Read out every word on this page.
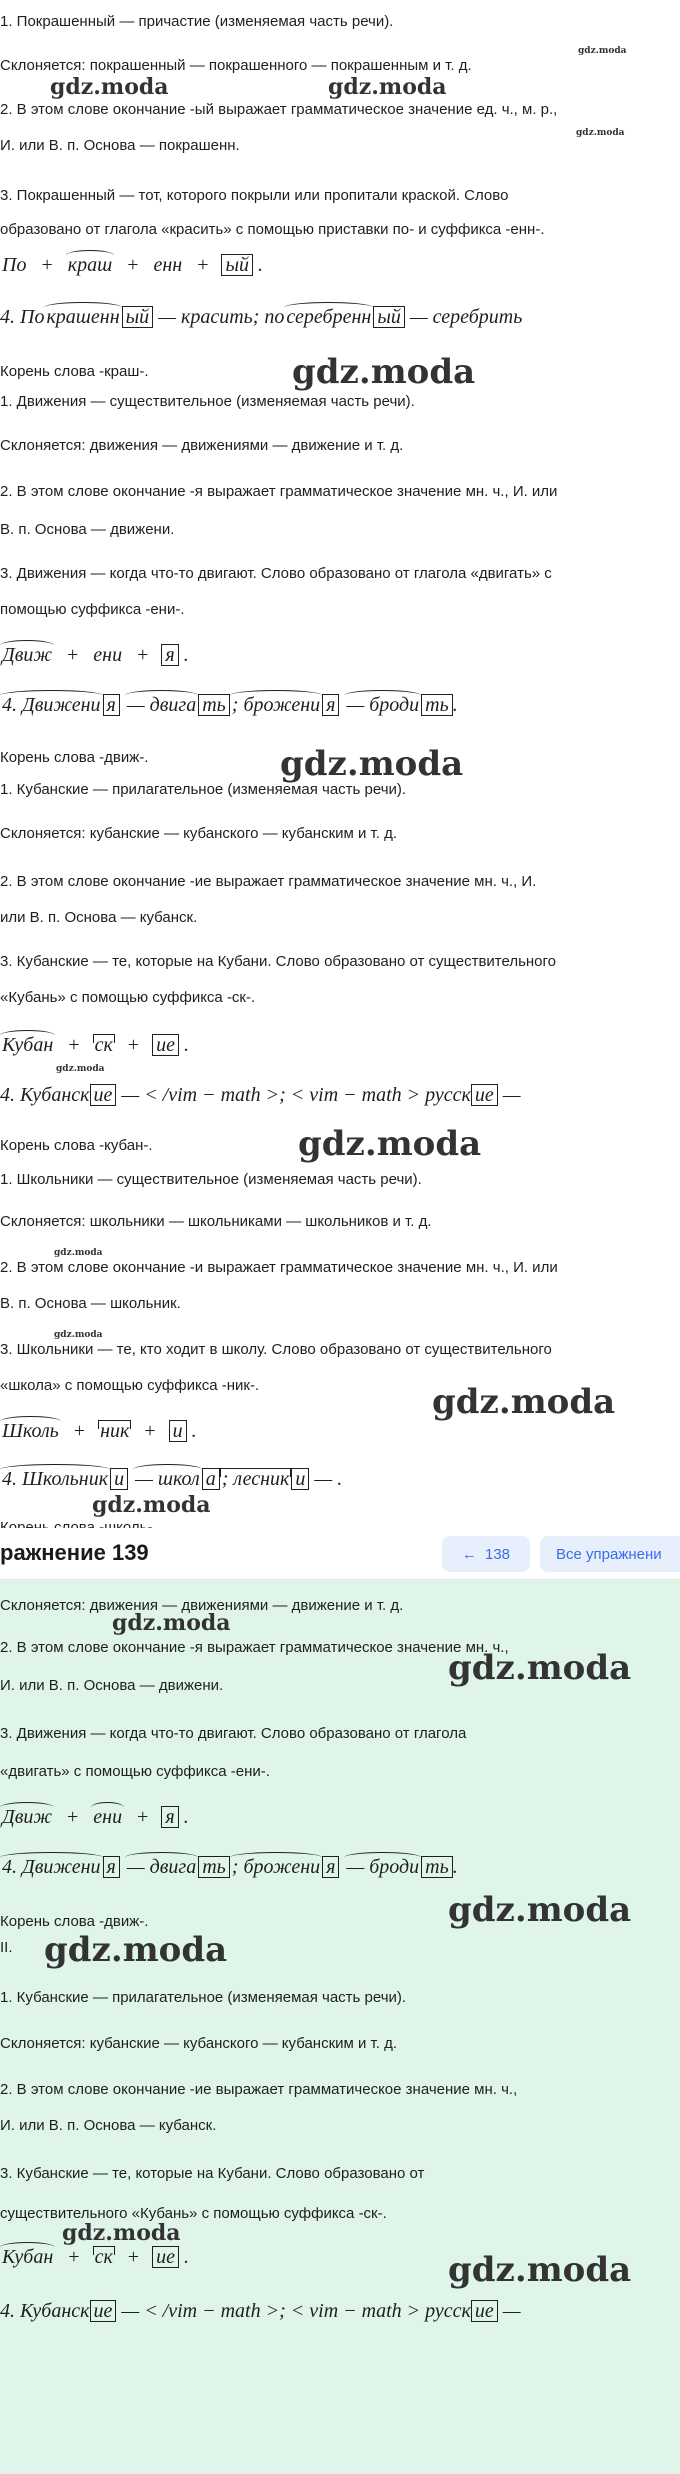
1. Покрашенный — причастие (изменяемая часть речи).
Склоняется: покрашенный — покрашенного — покрашенным и т. д.
2. В этом слове окончание -ый выражает грамматическое значение ед. ч., м. р.,
И. или В. п. Основа — покрашенн.
3. Покрашенный — тот, которого покрыли или пропитали краской. Слово
образовано от глагола «красить» с помощью приставки по- и суффикса -енн-.
По + краш + енн + ый .
4. По крашенн ый — красить; по серебренн ый — серебрить
Корень слова -краш-.
1. Движения — существительное (изменяемая часть речи).
Склоняется: движения — движениями — движение и т. д.
2. В этом слове окончание -я выражает грамматическое значение мн. ч., И. или
В. п. Основа — движени.
3. Движения — когда что-то двигают. Слово образовано от глагола «двигать» с
помощью суффикса -ени-.
Движ + ени + я .
4. Движени я — двига ть ; брожени я — броди ть .
Корень слова -движ-.
1. Кубанские — прилагательное (изменяемая часть речи).
Склоняется: кубанские — кубанского — кубанским и т. д.
2. В этом слове окончание -ие выражает грамматическое значение мн. ч., И.
или В. п. Основа — кубанск.
3. Кубанские — те, которые на Кубани. Слово образовано от существительного
«Кубань» с помощью суффикса -ск-.
Кубан + ск + ие .
4. Кубанск ие — < /vim − math >; < vim − math > русск ие —
Корень слова -кубан-.
1. Школьники — существительное (изменяемая часть речи).
Склоняется: школьники — школьниками — школьников и т. д.
2. В этом слове окончание -и выражает грамматическое значение мн. ч., И. или
В. п. Основа — школьник.
3. Школьники — те, кто ходит в школу. Слово образовано от существительного
«школа» с помощью суффикса -ник-.
Школь + ник + и .
4. Школьник и — школ а ; лесник и — .
gdz.moda
gdz.moda	gdz.moda
gdz.moda
gdz.moda
gdz.moda
gdz.moda
gdz.moda
gdz.moda
gdz.moda
gdz.moda
gdz.moda
ражнение 139	← 138	Все упражнени
Склоняется: движения — движениями — движение и т. д.
2. В этом слове окончание -я выражает грамматическое значение мн. ч.,
И. или В. п. Основа — движени.
3. Движения — когда что-то двигают. Слово образовано от глагола
«двигать» с помощью суффикса -ени-.
Движ + ени + я .
4. Движени я — двига ть ; брожени я — броди ть .
Корень слова -движ-.
II.
1. Кубанские — прилагательное (изменяемая часть речи).
Склоняется: кубанские — кубанского — кубанским и т. д.
2. В этом слове окончание -ие выражает грамматическое значение мн. ч.,
И. или В. п. Основа — кубанск.
3. Кубанские — те, которые на Кубани. Слово образовано от
существительного «Кубань» с помощью суффикса -ск-.
Кубан + ск + ие .
4. Кубанск ие — < /vim − math >; < vim − math > русск ие —
gdz.moda
gdz.moda
gdz.moda
gdz.moda
gdz.moda
gdz.moda
